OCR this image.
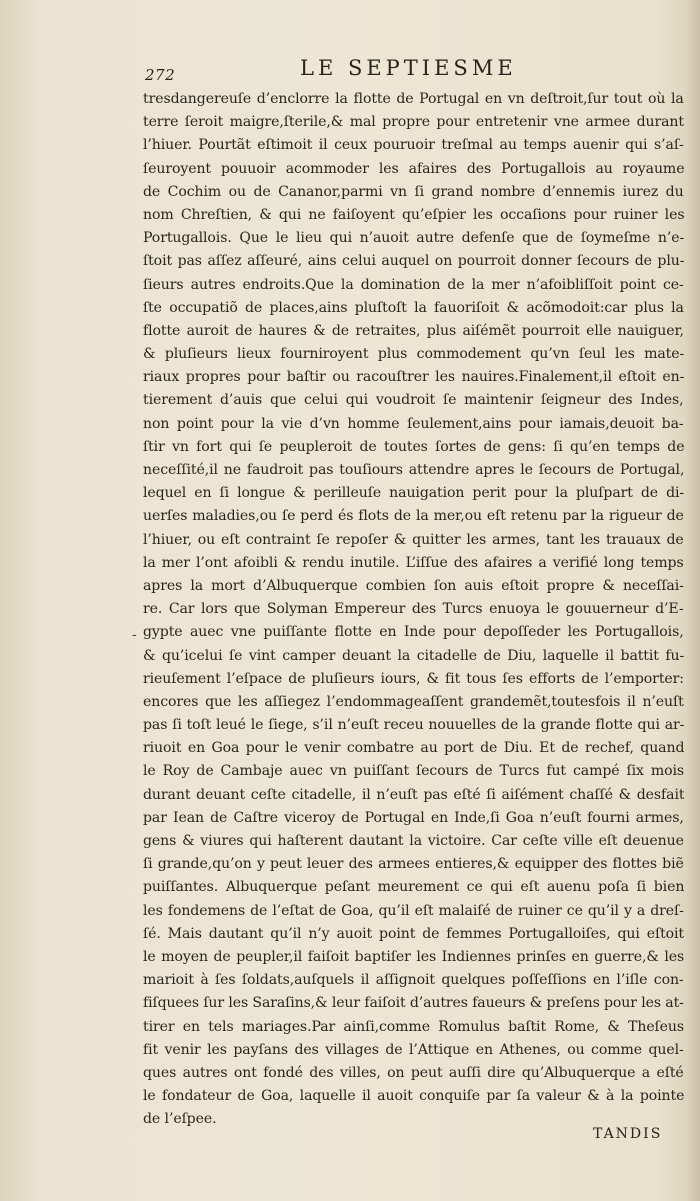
272	LE SEPTIESME
-
tresdangereuſe d’enclorre la flotte de Portugal en vn deſtroit,ſur tout où la
terre ſeroit maigre,ſterile,& mal propre pour entretenir vne armee durant
l’hiuer. Pourtãt eſtimoit il ceux pouruoir treſmal au temps auenir qui s’aſ-
ſeuroyent pouuoir acommoder les afaires des Portugallois au royaume
de Cochim ou de Cananor,parmi vn ſi grand nombre d’ennemis iurez du
nom Chreſtien, & qui ne faiſoyent qu’eſpier les occaſions pour ruiner les
Portugallois. Que le lieu qui n’auoit autre defenſe que de ſoymeſme n’e-
ſtoit pas aſſez aſſeuré, ains celui auquel on pourroit donner ſecours de plu-
ſieurs autres endroits.Que la domination de la mer n’afoibliſſoit point ce-
ſte occupatiõ de places,ains pluſtoſt la fauoriſoit & acõmodoit:car plus la
flotte auroit de haures & de retraites, plus aiſémẽt pourroit elle nauiguer,
& pluſieurs lieux fourniroyent plus commodement qu’vn ſeul les mate-
riaux propres pour baſtir ou racouſtrer les nauires.Finalement,il eſtoit en-
tierement d’auis que celui qui voudroit ſe maintenir ſeigneur des Indes,
non point pour la vie d’vn homme ſeulement,ains pour iamais,deuoit ba-
ſtir vn fort qui ſe peupleroit de toutes ſortes de gens: ſi qu’en temps de
neceſſité,il ne faudroit pas touſiours attendre apres le ſecours de Portugal,
lequel en ſi longue & perilleuſe nauigation perit pour la pluſpart de di-
uerſes maladies,ou ſe perd és flots de la mer,ou eſt retenu par la rigueur de
l’hiuer, ou eſt contraint ſe repoſer & quitter les armes, tant les trauaux de
la mer l’ont afoibli & rendu inutile. L’iſſue des afaires a verifié long temps
apres la mort d’Albuquerque combien ſon auis eſtoit propre & neceſſai-
re. Car lors que Solyman Empereur des Turcs enuoya le gouuerneur d’E-
gypte auec vne puiſſante flotte en Inde pour depoſſeder les Portugallois,
& qu’icelui ſe vint camper deuant la citadelle de Diu, laquelle il battit fu-
rieuſement l’eſpace de pluſieurs iours, & fit tous ſes efforts de l’emporter:
encores que les aſſiegez l’endommageaſſent grandemẽt,toutesfois il n’euſt
pas ſi toſt leué le ſiege, s’il n’euſt receu nouuelles de la grande flotte qui ar-
riuoit en Goa pour le venir combatre au port de Diu. Et de rechef, quand
le Roy de Cambaje auec vn puiſſant ſecours de Turcs fut campé ſix mois
durant deuant ceſte citadelle, il n’euſt pas eſté ſi aiſément chaſſé & desfait
par Iean de Caſtre viceroy de Portugal en Inde,ſi Goa n’euſt fourni armes,
gens & viures qui haſterent dautant la victoire. Car ceſte ville eſt deuenue
ſi grande,qu’on y peut leuer des armees entieres,& equipper des flottes biẽ
puiſſantes. Albuquerque peſant meurement ce qui eſt auenu poſa ſi bien
les fondemens de l’eſtat de Goa, qu’il eſt malaiſé de ruiner ce qu’il y a dreſ-
ſé. Mais dautant qu’il n’y auoit point de femmes Portugalloiſes, qui eſtoit
le moyen de peupler,il faiſoit baptiſer les Indiennes prinſes en guerre,& les
marioit à ſes ſoldats,auſquels il aſſignoit quelques poſſeſſions en l’iſle con-
fiſquees ſur les Saraſins,& leur faiſoit d’autres faueurs & preſens pour les at-
tirer en tels mariages.Par ainſi,comme Romulus baſtit Rome, & Theſeus
fit venir les payſans des villages de l’Attique en Athenes, ou comme quel-
ques autres ont fondé des villes, on peut auſſi dire qu’Albuquerque a eſté
le fondateur de Goa, laquelle il auoit conquiſe par ſa valeur & à la pointe
de l’eſpee.
TANDIS
